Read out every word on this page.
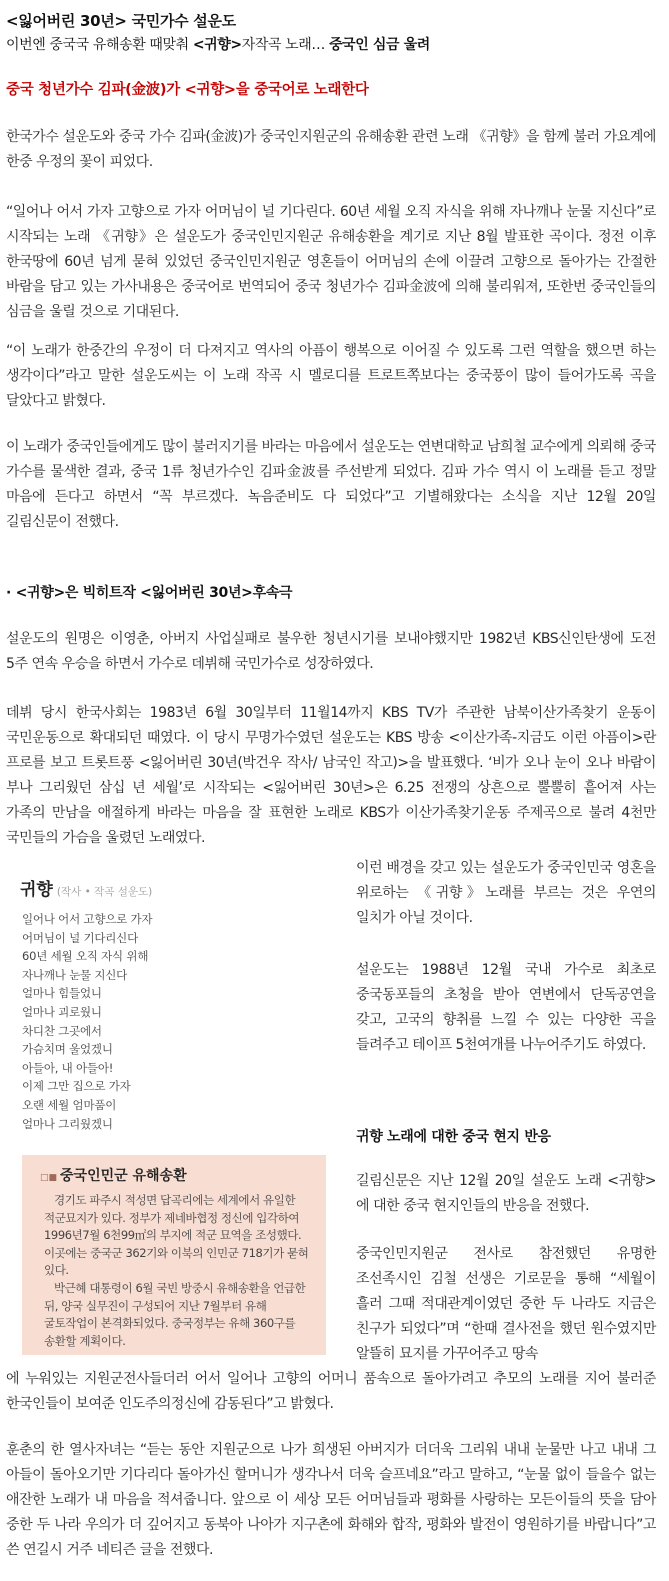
<잃어버린 30년> 국민가수 설운도
이번엔 중국국 유해송환 때맞춰 <귀향>자작곡 노래… 중국인 심금 울려
중국 청년가수 김파(金波)가 <귀향>을 중국어로 노래한다

한국가수 설운도와 중국 가수 김파(金波)가 중국인지원군의 유해송환 관련 노래 《귀향》을 함께 불러 가요계에 한중 우정의 꽃이 피었다.

“일어나 어서 가자 고향으로 가자 어머님이 널 기다린다. 60년 세월 오직 자식을 위해 자나깨나 눈물 지신다”로 시작되는 노래 《귀향》은 설운도가 중국인민지원군 유해송환을 계기로 지난 8월 발표한 곡이다. 정전 이후 한국땅에 60년 넘게 묻혀 있었던 중국인민지원군 영혼들이 어머님의 손에 이끌려 고향으로 돌아가는 간절한 바람을 담고 있는 가사내용은 중국어로 번역되어 중국 청년가수 김파金波에 의해 불리워져, 또한번 중국인들의 심금을 울릴 것으로 기대된다.

“이 노래가 한중간의 우정이 더 다져지고 역사의 아픔이 행복으로 이어질 수 있도록 그런 역할을 했으면 하는 생각이다”라고 말한 설운도씨는 이 노래 작곡 시 멜로디를 트로트쪽보다는 중국풍이 많이 들어가도록 곡을 달았다고 밝혔다.

이 노래가 중국인들에게도 많이 불러지기를 바라는 마음에서 설운도는 연변대학교 남희철 교수에게 의뢰해 중국 가수를 물색한 결과, 중국 1류 청년가수인 김파金波를 주선받게 되었다. 김파 가수 역시 이 노래를 듣고 정말 마음에 든다고 하면서 “꼭 부르겠다. 녹음준비도 다 되었다”고 기별해왔다는 소식을 지난 12월 20일 길림신문이 전했다.

· <귀향>은 빅히트작 <잃어버린 30년>후속극

설운도의 원명은 이영춘, 아버지 사업실패로 불우한 청년시기를 보내야했지만 1982년 KBS신인탄생에 도전 5주 연속 우승을 하면서 가수로 데뷔해 국민가수로 성장하였다.

데뷔 당시 한국사회는 1983년 6월 30일부터 11월14까지 KBS TV가 주관한 남북이산가족찾기 운동이 국민운동으로 확대되던 때였다. 이 당시 무명가수였던 설운도는 KBS 방송 <이산가족-지금도 이런 아픔이>란 프로를 보고 트롯트풍 <잃어버린 30년(박건우 작사/ 남국인 작고)>을 발표했다. ‘비가 오나 눈이 오나 바람이 부나 그리웠던 삼십 년 세월’로 시작되는 <잃어버린 30년>은 6.25 전쟁의 상흔으로 뿔뿔히 흩어져 사는 가족의 만남을 애절하게 바라는 마음을 잘 표현한 노래로 KBS가 이산가족찾기운동 주제곡으로 불려 4천만 국민들의 가슴을 울렸던 노래였다.

귀향 (작사 • 작곡 설운도)
일어나 어서 고향으로 가자
어머님이 널 기다리신다
60년 세월 오직 자식 위해
자나깨나 눈물 지신다
얼마나 힘들었니
얼마나 괴로웠니
차디찬 그곳에서
가슴치며 울었겠니
아들아, 내 아들아!
이제 그만 집으로 가자
오랜 세월 엄마품이
얼마나 그리웠겠니
□■ 중국인민군 유해송환

경기도 파주시 적성면 답곡리에는 세계에서 유일한 적군묘지가 있다. 정부가 제네바협정 정신에 입각하여 1996년7월 6천99㎡의 부지에 적군 묘역을 조성했다. 이곳에는 중국군 362기와 이북의 인민군 718기가 묻혀 있다.

박근혜 대통령이 6월 국빈 방중시 유해송환을 언급한 뒤, 양국 실무진이 구성되어 지난 7월부터 유해 굴토작업이 본격화되었다. 중국정부는 유해 360구를 송환할 계획이다.

이런 배경을 갖고 있는 설운도가 중국인민국 영혼을 위로하는 《귀향》노래를 부르는 것은 우연의 일치가 아닐 것이다.

설운도는 1988년 12월 국내 가수로 최초로 중국동포들의 초청을 받아 연변에서 단독공연을 갖고, 고국의 향취를 느낄 수 있는 다양한 곡을 들려주고 테이프 5천여개를 나누어주기도 하였다.

귀향 노래에 대한 중국 현지 반응

길림신문은 지난 12월 20일 설운도 노래 <귀향>에 대한 중국 현지인들의 반응을 전했다.

중국인민지원군 전사로 참전했던 유명한 조선족시인 김철 선생은 기로문을 통해 “세월이 흘러 그때 적대관계이였던 중한 두 나라도 지금은 친구가 되었다”며 “한때 결사전을 했던 원수였지만 알뜰히 묘지를 가꾸어주고 땅속

에 누워있는 지원군전사들더러 어서 일어나 고향의 어머니 품속으로 돌아가려고 추모의 노래를 지어 불러준 한국인들이 보여준 인도주의정신에 감동된다”고 밝혔다.

훈춘의 한 열사자녀는 “듣는 동안 지원군으로 나가 희생된 아버지가 더더욱 그리워 내내 눈물만 나고 내내 그 아들이 돌아오기만 기다리다 돌아가신 할머니가 생각나서 더욱 슬프네요”라고 말하고, “눈물 없이 들을수 없는 애잔한 노래가 내 마음을 적셔줍니다. 앞으로 이 세상 모든 어머님들과 평화를 사랑하는 모든이들의 뜻을 담아 중한 두 나라 우의가 더 깊어지고 동북아 나아가 지구촌에 화해와 합작, 평화와 발전이 영원하기를 바랍니다”고 쓴 연길시 거주 네티즌 글을 전했다.
